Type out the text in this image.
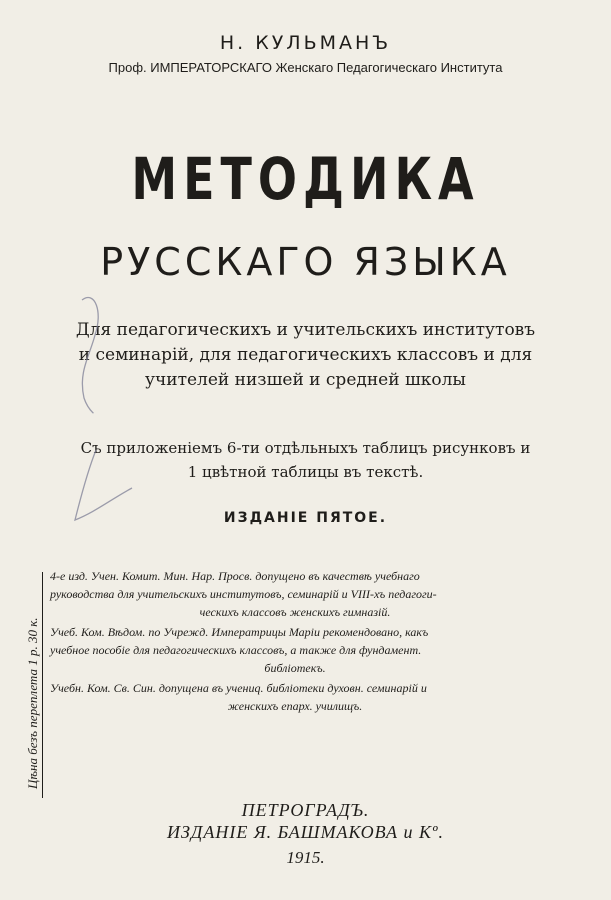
Н. КУЛЬМАНЪ
Проф. ИМПЕРАТОРСКАГО Женскаго Педагогическаго Института
МЕТОДИКА
РУССКАГО ЯЗЫКА
Для педагогическихъ и учительскихъ институтовъ
и семинарій, для педагогическихъ классовъ и для
учителей низшей и средней школы
Съ приложеніемъ 6-ти отдѣльныхъ таблицъ рисунковъ и
1 цвѣтной таблицы въ текстѣ.
ИЗДАНІЕ ПЯТОЕ.
Цѣна безъ переплета 1 р. 30 к.
4-е изд. Учен. Комит. Мин. Нар. Просв. допущено въ качествѣ учебнаго
руководства для учительскихъ институтовъ, семинарій и VIII-хъ педагоги-
ческихъ классовъ женскихъ гимназій.
Учеб. Ком. Вѣдом. по Учрежд. Императрицы Маріи рекомендовано, какъ
учебное пособіе для педагогическихъ классовъ, а также для фундамент.
библіотекъ.
Учебн. Ком. Св. Син. допущена въ учениq. библіотеки духовн. семинарій и
женскихъ епарх. училищъ.
ПЕТРОГРАДЪ.
ИЗДАНІЕ Я. БАШМАКОВА и Кº.
1915.
